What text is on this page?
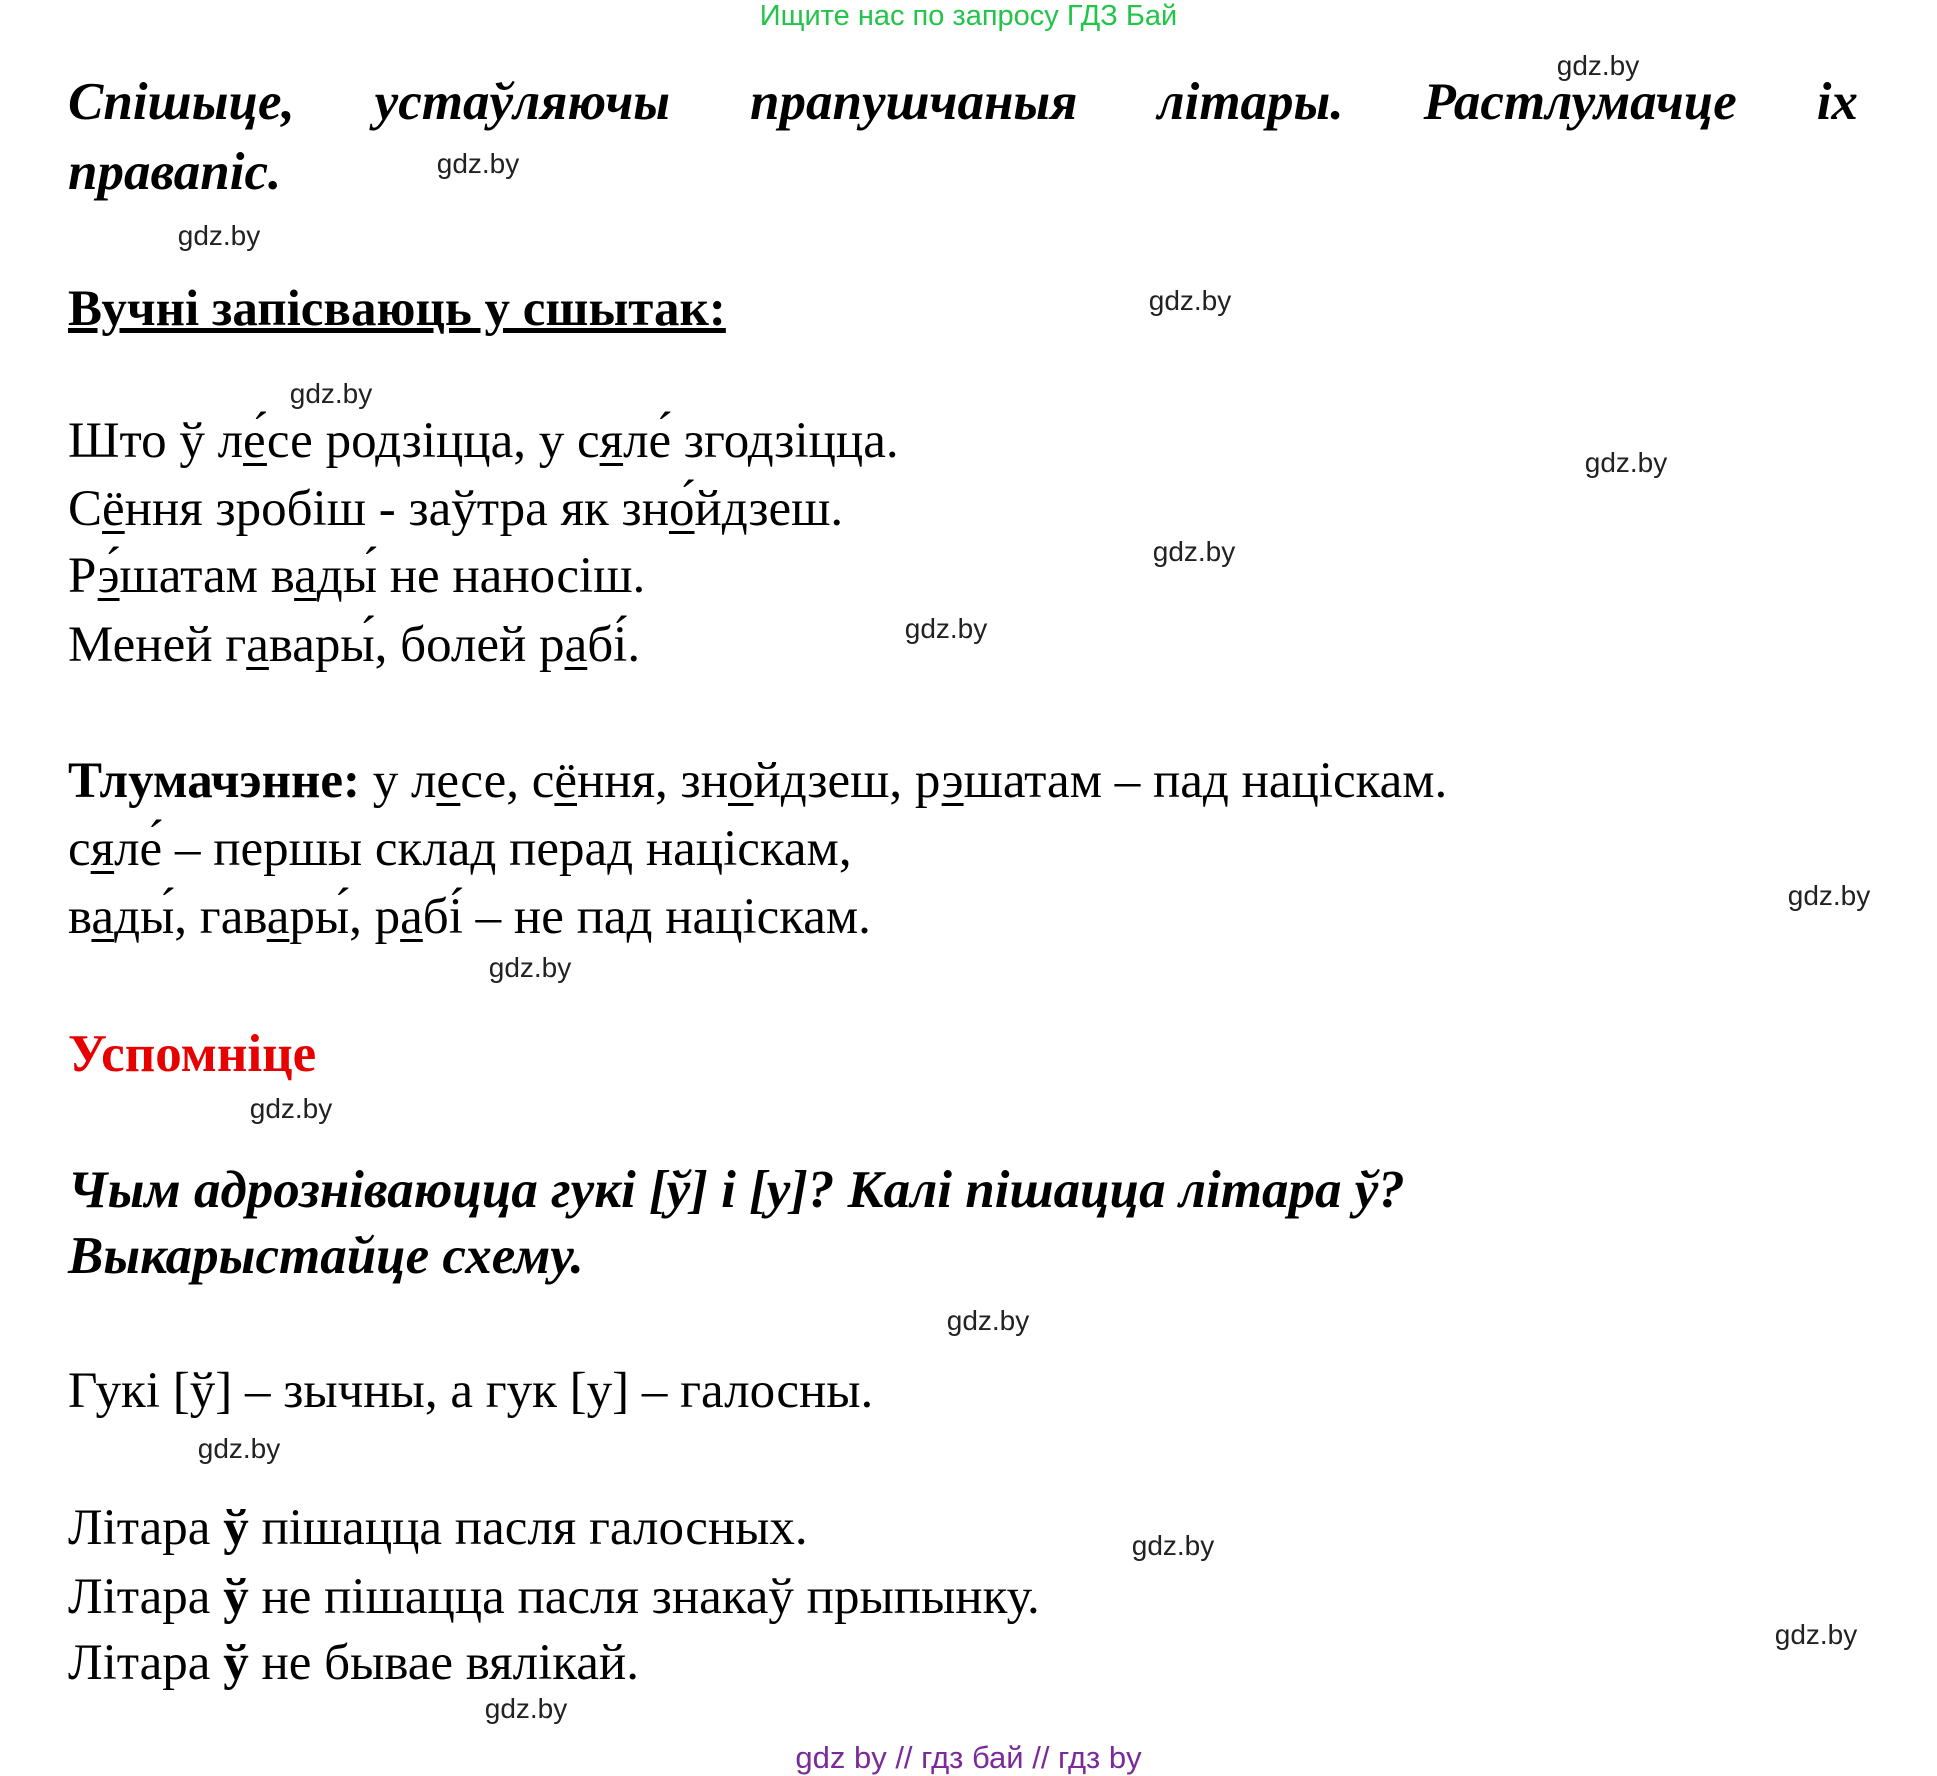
Ищите нас по запросу ГДЗ Бай
Спішыце, устаўляючы прапушчаныя літары. Растлумачце іх
правапіс.
Вучні запісваюць у сшытак:
Што ў ле́се родзіцца, у сяле́ згодзіцца.
Сёння зробіш - заўтра як зно́йдзеш.
Рэ́шатам вады́ не наносіш.
Меней гавары́, болей рабі́.
Тлумачэнне: у лесе, сёння, знойдзеш, рэшатам – пад націскам.
сяле́ – першы склад перад націскам,
вады́, гавары́, рабі́ – не пад націскам.
Успомніце
Чым адрозніваюцца гукі [ў] і [у]? Калі пішацца літара ў?
Выкарыстайце схему.
Гукі [ў] – зычны, а гук [у] – галосны.
Літара ў пішацца пасля галосных.
Літара ў не пішацца пасля знакаў прыпынку.
Літара ў не бывае вялікай.
gdz.by
gdz.by
gdz.by
gdz.by
gdz.by
gdz.by
gdz.by
gdz.by
gdz.by
gdz.by
gdz.by
gdz.by
gdz.by
gdz.by
gdz.by
gdz.by
gdz by // гдз бай // гдз by
